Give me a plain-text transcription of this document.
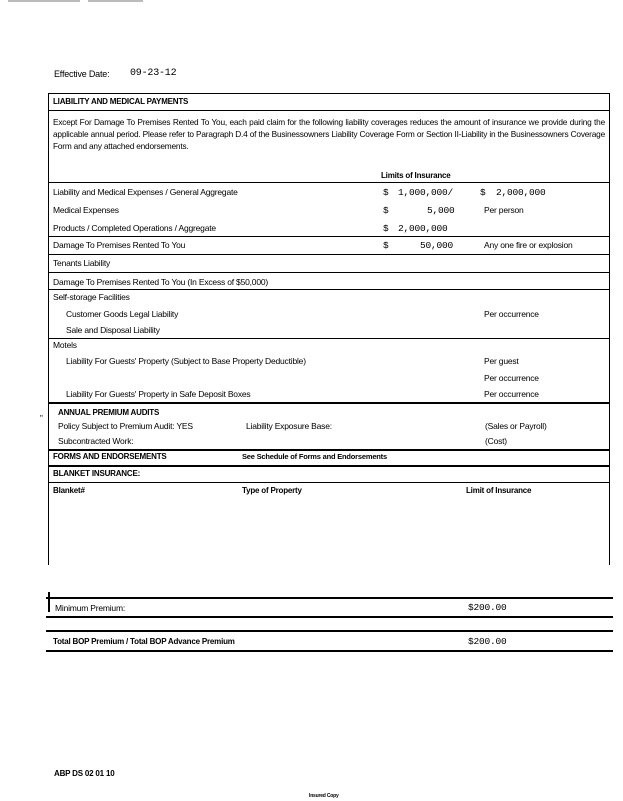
Effective Date: 09-23-12
LIABILITY AND MEDICAL PAYMENTS
Except For Damage To Premises Rented To You, each paid claim for the following liability coverages reduces the amount of insurance we provide during the applicable annual period. Please refer to Paragraph D.4 of the Businessowners Liability Coverage Form or Section II-Liability in the Businessowners Coverage Form and any attached endorsements.
Limits of Insurance
Liability and Medical Expenses / General Aggregate	$ 1,000,000/	$ 2,000,000
Medical Expenses	$	5,000	Per person
Products / Completed Operations / Aggregate	$ 2,000,000
Damage To Premises Rented To You	$	50,000	Any one fire or explosion
Tenants Liability
Damage To Premises Rented To You (In Excess of $50,000)
Self-storage Facilities
Customer Goods Legal Liability	Per occurrence
Sale and Disposal Liability
Motels
Liability For Guests' Property (Subject to Base Property Deductible)	Per guest
Per occurrence
Liability For Guests' Property in Safe Deposit Boxes	Per occurrence
"
ANNUAL PREMIUM AUDITS
Policy Subject to Premium Audit: YES	Liability Exposure Base:	(Sales or Payroll)
Subcontracted Work:	(Cost)
FORMS AND ENDORSEMENTS	See Schedule of Forms and Endorsements
BLANKET INSURANCE:
Blanket#	Type of Property	Limit of Insurance
Minimum Premium:	$200.00
Total BOP Premium / Total BOP Advance Premium	$200.00
ABP DS 02 01 10
Insured Copy
